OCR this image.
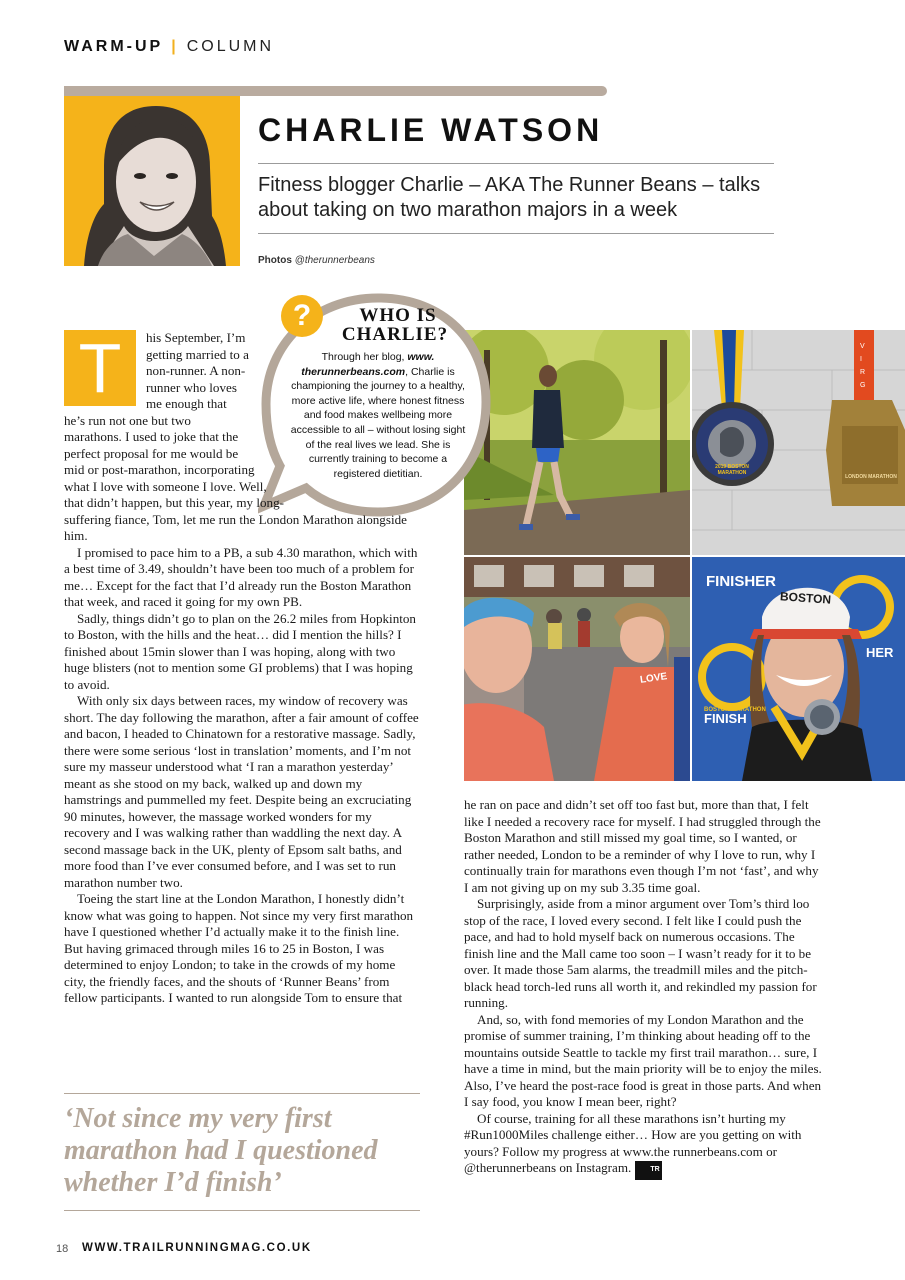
WARM-UP | COLUMN
CHARLIE WATSON
Fitness blogger Charlie – AKA The Runner Beans – talks about taking on two marathon majors in a week
Photos @therunnerbeans
2019 BOSTON MARATHON
V I R G
LONDON MARATHON
LOVE
FINISHER
BOSTON MARATHON
FINISH
HER
BOSTON
?	WHO IS
CHARLIE?
Through her blog, www. therunnerbeans.com, Charlie is championing the journey to a healthy, more active life, where honest fitness and food makes wellbeing more accessible to all – without losing sight of the real lives we lead. She is currently training to become a registered dietitian.
T	his September, I’m getting married to a non-runner. A non-runner who loves me enough that he’s run not one but two marathons. I used to joke that the perfect proposal for me would be mid or post-marathon, incorporating what I love with someone I love. Well, that didn’t happen, but this year, my long-suffering fiance, Tom, let me run the London Marathon alongside him.

I promised to pace him to a PB, a sub 4.30 marathon, which with a best time of 3.49, shouldn’t have been too much of a problem for me… Except for the fact that I’d already run the Boston Marathon that week, and raced it going for my own PB.

Sadly, things didn’t go to plan on the 26.2 miles from Hopkinton to Boston, with the hills and the heat… did I mention the hills? I finished about 15min slower than I was hoping, along with two huge blisters (not to mention some GI problems) that I was hoping to avoid.

With only six days between races, my window of recovery was short. The day following the marathon, after a fair amount of coffee and bacon, I headed to Chinatown for a restorative massage. Sadly, there were some serious ‘lost in translation’ moments, and I’m not sure my masseur understood what ‘I ran a marathon yesterday’ meant as she stood on my back, walked up and down my hamstrings and pummelled my feet. Despite being an excruciating 90 minutes, however, the massage worked wonders for my recovery and I was walking rather than waddling the next day. A second massage back in the UK, plenty of Epsom salt baths, and more food than I’ve ever consumed before, and I was set to run marathon number two.

Toeing the start line at the London Marathon, I honestly didn’t know what was going to happen. Not since my very first marathon have I questioned whether I’d actually make it to the finish line. But having grimaced through miles 16 to 25 in Boston, I was determined to enjoy London; to take in the crowds of my home city, the friendly faces, and the shouts of ‘Runner Beans’ from fellow participants. I wanted to run alongside Tom to ensure that

‘Not since my very first marathon had I questioned whether I’d finish’

he ran on pace and didn’t set off too fast but, more than that, I felt like I needed a recovery race for myself. I had struggled through the Boston Marathon and still missed my goal time, so I wanted, or rather needed, London to be a reminder of why I love to run, why I continually train for marathons even though I’m not ‘fast’, and why I am not giving up on my sub 3.35 time goal.

Surprisingly, aside from a minor argument over Tom’s third loo stop of the race, I loved every second. I felt like I could push the pace, and had to hold myself back on numerous occasions. The finish line and the Mall came too soon – I wasn’t ready for it to be over. It made those 5am alarms, the treadmill miles and the pitch-black head torch-led runs all worth it, and rekindled my passion for running.

And, so, with fond memories of my London Marathon and the promise of summer training, I’m thinking about heading off to the mountains outside Seattle to tackle my first trail marathon… sure, I have a time in mind, but the main priority will be to enjoy the miles. Also, I’ve heard the post-race food is great in those parts. And when I say food, you know I mean beer, right?

Of course, training for all these marathons isn’t hurting my #Run1000Miles challenge either… How are you getting on with yours? Follow my progress at www.the runnerbeans.com or @therunnerbeans on Instagram.	TR

18 WWW.TRAILRUNNINGMAG.CO.UK
